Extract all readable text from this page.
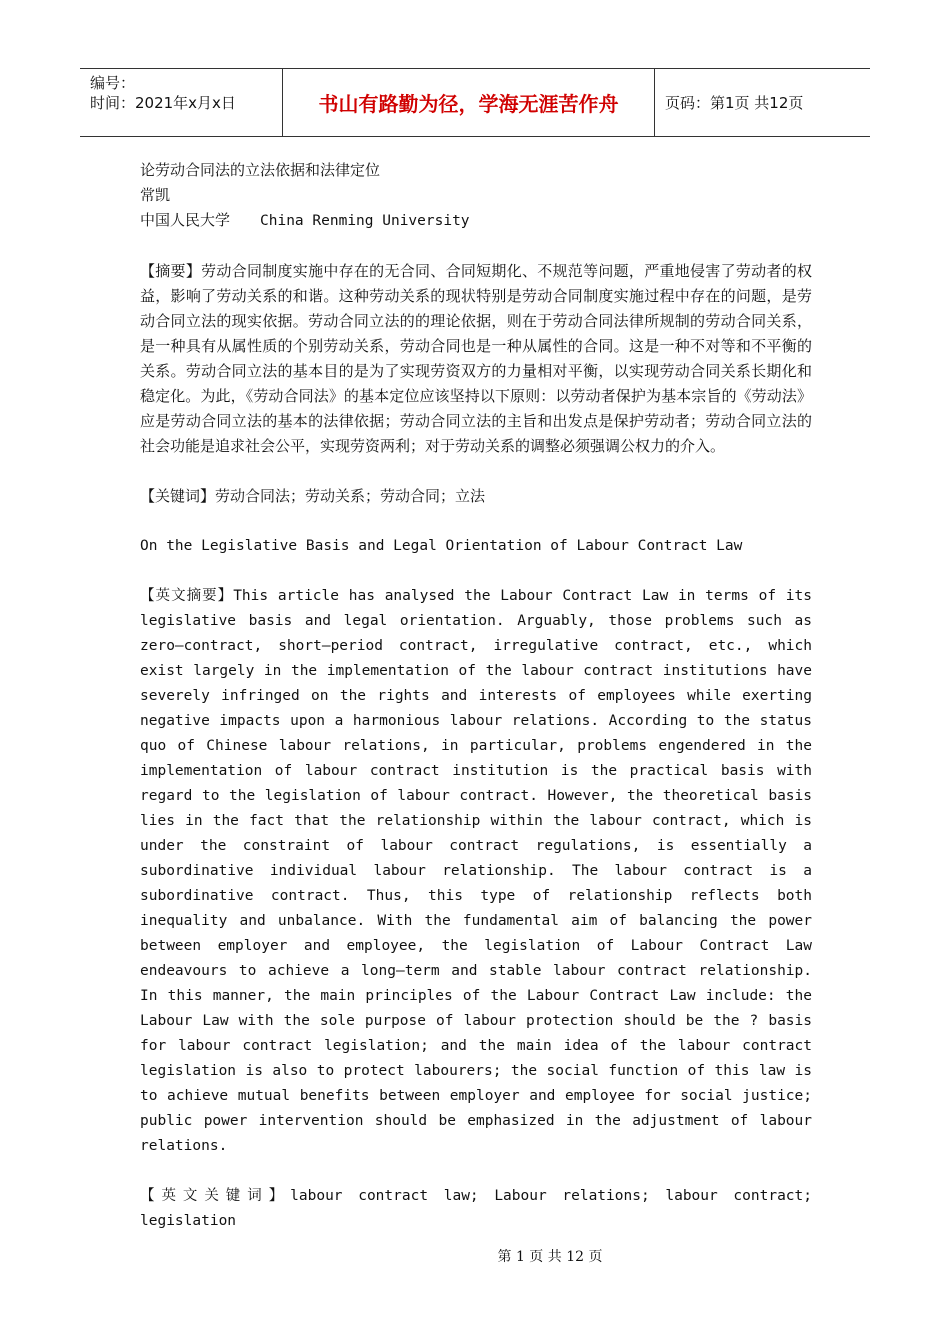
编号：
时间：2021年x月x日	书山有路勤为径，学海无涯苦作舟	页码：第1页 共12页
论劳动合同法的立法依据和法律定位
常凯
中国人民大学 China Renming University

【摘要】劳动合同制度实施中存在的无合同、合同短期化、不规范等问题，严重地侵害了劳动者的权益，影响了劳动关系的和谐。这种劳动关系的现状特别是劳动合同制度实施过程中存在的问题，是劳动合同立法的现实依据。劳动合同立法的的理论依据，则在于劳动合同法律所规制的劳动合同关系，是一种具有从属性质的个别劳动关系，劳动合同也是一种从属性的合同。这是一种不对等和不平衡的关系。劳动合同立法的基本目的是为了实现劳资双方的力量相对平衡，以实现劳动合同关系长期化和稳定化。为此，《劳动合同法》的基本定位应该坚持以下原则：以劳动者保护为基本宗旨的《劳动法》应是劳动合同立法的基本的法律依据；劳动合同立法的主旨和出发点是保护劳动者；劳动合同立法的社会功能是追求社会公平，实现劳资两利；对于劳动关系的调整必须强调公权力的介入。

【关键词】劳动合同法；劳动关系；劳动合同；立法

On the Legislative Basis and Legal Orientation of Labour Contract Law

【英文摘要】This article has analysed the Labour Contract Law in terms of its legislative basis and legal orientation. Arguably, those problems such as zero—contract, short—period contract, irregulative contract, etc., which exist largely in the implementation of the labour contract institutions have severely infringed on the rights and interests of employees while exerting negative impacts upon a harmonious labour relations. According to the status quo of Chinese labour relations, in particular, problems engendered in the implementation of labour contract institution is the practical basis with regard to the legislation of labour contract. However, the theoretical basis lies in the fact that the relationship within the labour contract, which is under the constraint of labour contract regulations, is essentially a subordinative individual labour relationship. The labour contract is a subordinative contract. Thus, this type of relationship reflects both inequality and unbalance. With the fundamental aim of balancing the power between employer and employee, the legislation of Labour Contract Law endeavours to achieve a long—term and stable labour contract relationship. In this manner, the main principles of the Labour Contract Law include: the Labour Law with the sole purpose of labour protection should be the ? basis for labour contract legislation; and the main idea of the labour contract legislation is also to protect labourers; the social function of this law is to achieve mutual benefits between employer and employee for social justice; public power intervention should be emphasized in the adjustment of labour relations.

【英文关键词】labour contract law; Labour relations; labour contract; legislation

第 1 页 共 12 页
